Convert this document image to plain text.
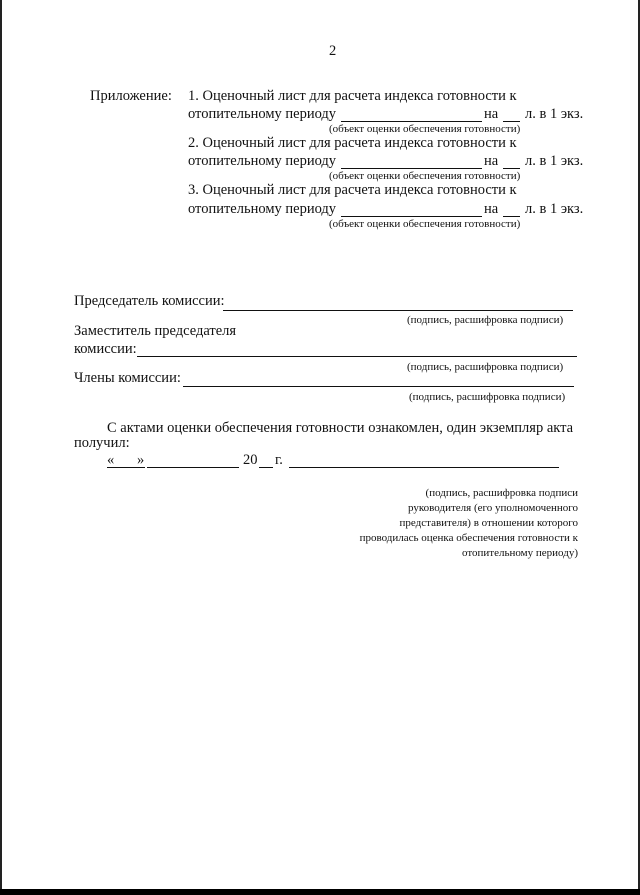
2
Приложение: 1. Оценочный лист для расчета индекса готовности к
отопительному периоду	на л. в 1 экз.
(объект оценки обеспечения готовности)
2. Оценочный лист для расчета индекса готовности к
отопительному периоду	на л. в 1 экз.
(объект оценки обеспечения готовности)
3. Оценочный лист для расчета индекса готовности к
отопительному периоду	на л. в 1 экз.
(объект оценки обеспечения готовности)
Председатель комиссии:
(подпись, расшифровка подписи)
Заместитель председателя
комиссии:
(подпись, расшифровка подписи)
Члены комиссии:
(подпись, расшифровка подписи)
С актами оценки обеспечения готовности ознакомлен, один экземпляр акта
получил:
« »	20 г.
(подпись, расшифровка подписи
руководителя (его уполномоченного
представителя) в отношении которого
проводилась оценка обеспечения готовности к
отопительному периоду)
